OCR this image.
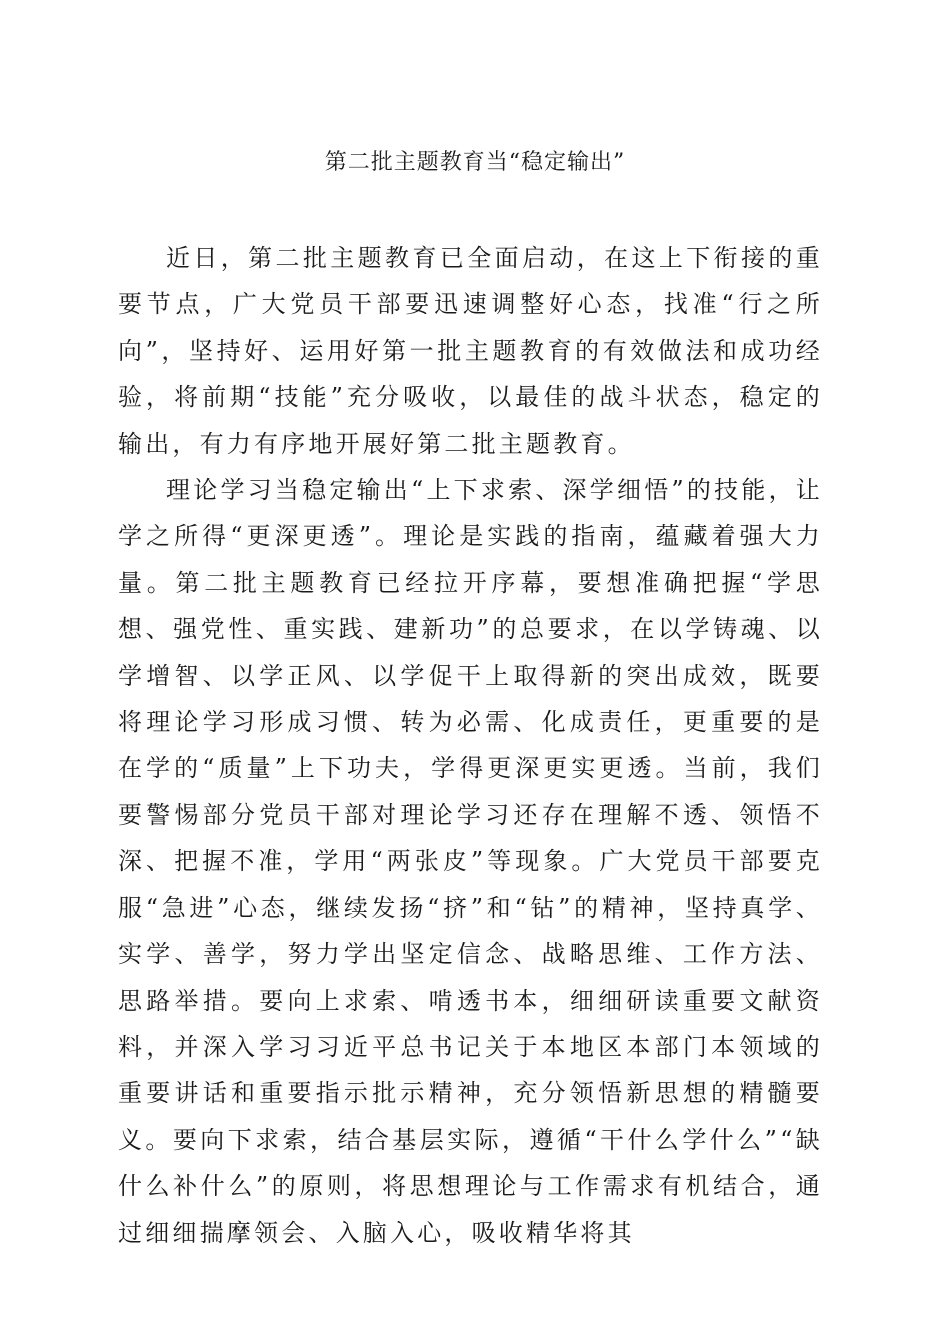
第二批主题教育当“稳定输出”

近日，第二批主题教育已全面启动，在这上下衔接的重要节点，广大党员干部要迅速调整好心态，找准“行之所向”，坚持好、运用好第一批主题教育的有效做法和成功经验，将前期“技能”充分吸收，以最佳的战斗状态，稳定的输出，有力有序地开展好第二批主题教育。

理论学习当稳定输出“上下求索、深学细悟”的技能，让学之所得“更深更透”。理论是实践的指南，蕴藏着强大力量。第二批主题教育已经拉开序幕，要想准确把握“学思想、强党性、重实践、建新功”的总要求，在以学铸魂、以学增智、以学正风、以学促干上取得新的突出成效，既要将理论学习形成习惯、转为必需、化成责任，更重要的是在学的“质量”上下功夫，学得更深更实更透。当前，我们要警惕部分党员干部对理论学习还存在理解不透、领悟不深、把握不准，学用“两张皮”等现象。广大党员干部要克服“急进”心态，继续发扬“挤”和“钻”的精神，坚持真学、实学、善学，努力学出坚定信念、战略思维、工作方法、思路举措。要向上求索、啃透书本，细细研读重要文献资料，并深入学习习近平总书记关于本地区本部门本领域的重要讲话和重要指示批示精神，充分领悟新思想的精髓要义。要向下求索，结合基层实际，遵循“干什么学什么”“缺什么补什么”的原则，将思想理论与工作需求有机结合，通过细细揣摩领会、入脑入心，吸收精华将其
